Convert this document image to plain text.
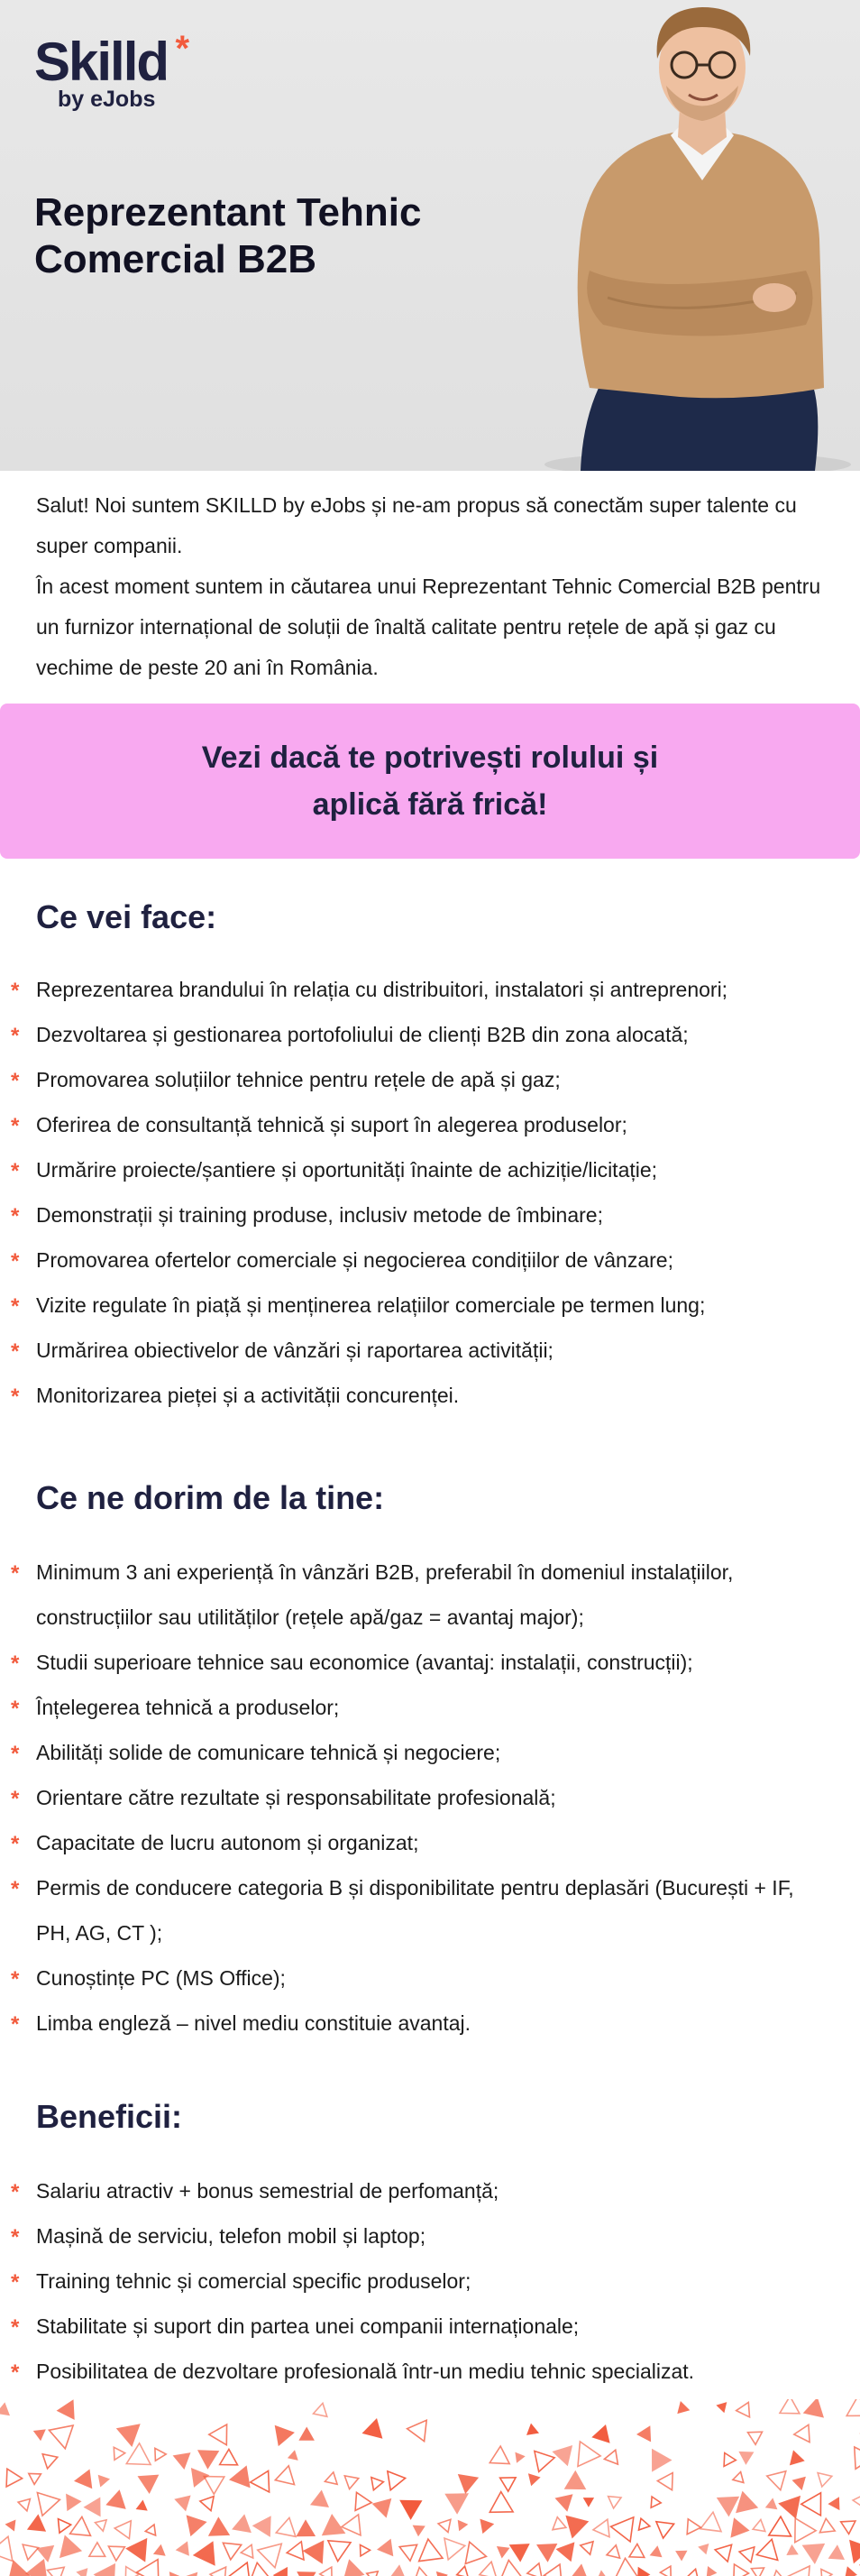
Skilld *
by eJobs
Reprezentant Tehnic Comercial B2B

Salut! Noi suntem SKILLD by eJobs și ne-am propus să conectăm super talente cu super companii.

În acest moment suntem in căutarea unui Reprezentant Tehnic Comercial B2B pentru un furnizor internațional de soluții de înaltă calitate pentru rețele de apă și gaz cu vechime de peste 20 ani în România.

Vezi dacă te potrivești rolului și aplică fără frică!
Ce vei face:
* Reprezentarea brandului în relația cu distribuitori, instalatori și antreprenori;
* Dezvoltarea și gestionarea portofoliului de clienți B2B din zona alocată;
* Promovarea soluțiilor tehnice pentru rețele de apă și gaz;
* Oferirea de consultanță tehnică și suport în alegerea produselor;
* Urmărire proiecte/șantiere și oportunități înainte de achiziție/licitație;
* Demonstrații și training produse, inclusiv metode de îmbinare;
* Promovarea ofertelor comerciale și negocierea condițiilor de vânzare;
* Vizite regulate în piață și menținerea relațiilor comerciale pe termen lung;
* Urmărirea obiectivelor de vânzări și raportarea activității;
* Monitorizarea pieței și a activității concurenței.
Ce ne dorim de la tine:
* Minimum 3 ani experiență în vânzări B2B, preferabil în domeniul instalațiilor, construcțiilor sau utilităților (rețele apă/gaz = avantaj major);
* Studii superioare tehnice sau economice (avantaj: instalații, construcții);
* Înțelegerea tehnică a produselor;
* Abilități solide de comunicare tehnică și negociere;
* Orientare către rezultate și responsabilitate profesională;
* Capacitate de lucru autonom și organizat;
* Permis de conducere categoria B și disponibilitate pentru deplasări (București + IF, PH, AG, CT );
* Cunoștințe PC (MS Office);
* Limba engleză – nivel mediu constituie avantaj.
Beneficii:
* Salariu atractiv + bonus semestrial de perfomanță;
* Mașină de serviciu, telefon mobil și laptop;
* Training tehnic și comercial specific produselor;
* Stabilitate și suport din partea unei companii internaționale;
* Posibilitatea de dezvoltare profesională într-un mediu tehnic specializat.
